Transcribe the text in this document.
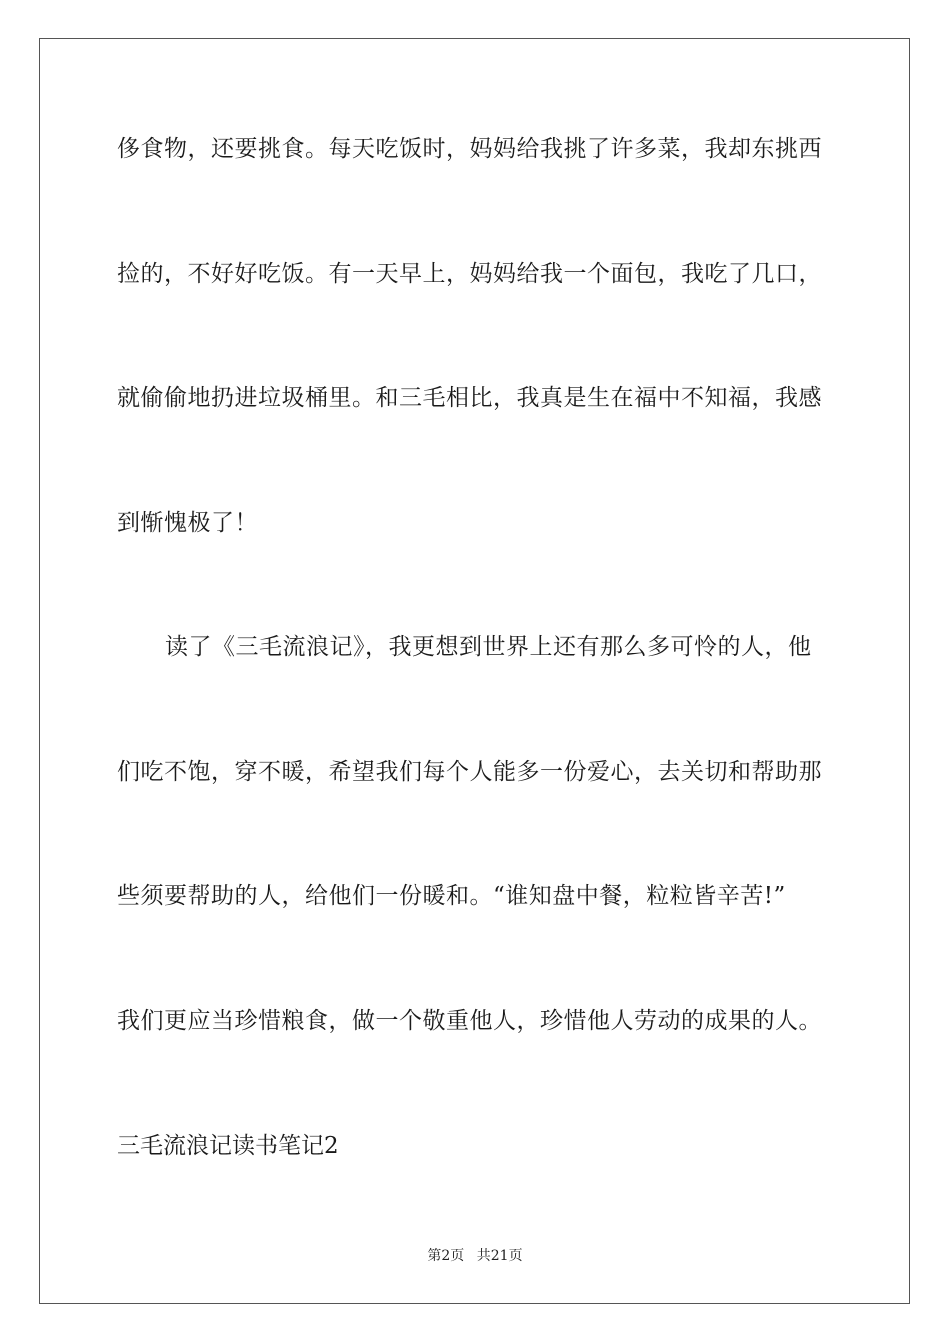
侈食物，还要挑食。每天吃饭时，妈妈给我挑了许多菜，我却东挑西
捡的，不好好吃饭。有一天早上，妈妈给我一个面包，我吃了几口，
就偷偷地扔进垃圾桶里。和三毛相比，我真是生在福中不知福，我感
到惭愧极了！
读了《三毛流浪记》，我更想到世界上还有那么多可怜的人，他
们吃不饱，穿不暖，希望我们每个人能多一份爱心，去关切和帮助那
些须要帮助的人，给他们一份暖和。“谁知盘中餐，粒粒皆辛苦!”
我们更应当珍惜粮食，做一个敬重他人，珍惜他人劳动的成果的人。
三毛流浪记读书笔记2
第2页 共21页
